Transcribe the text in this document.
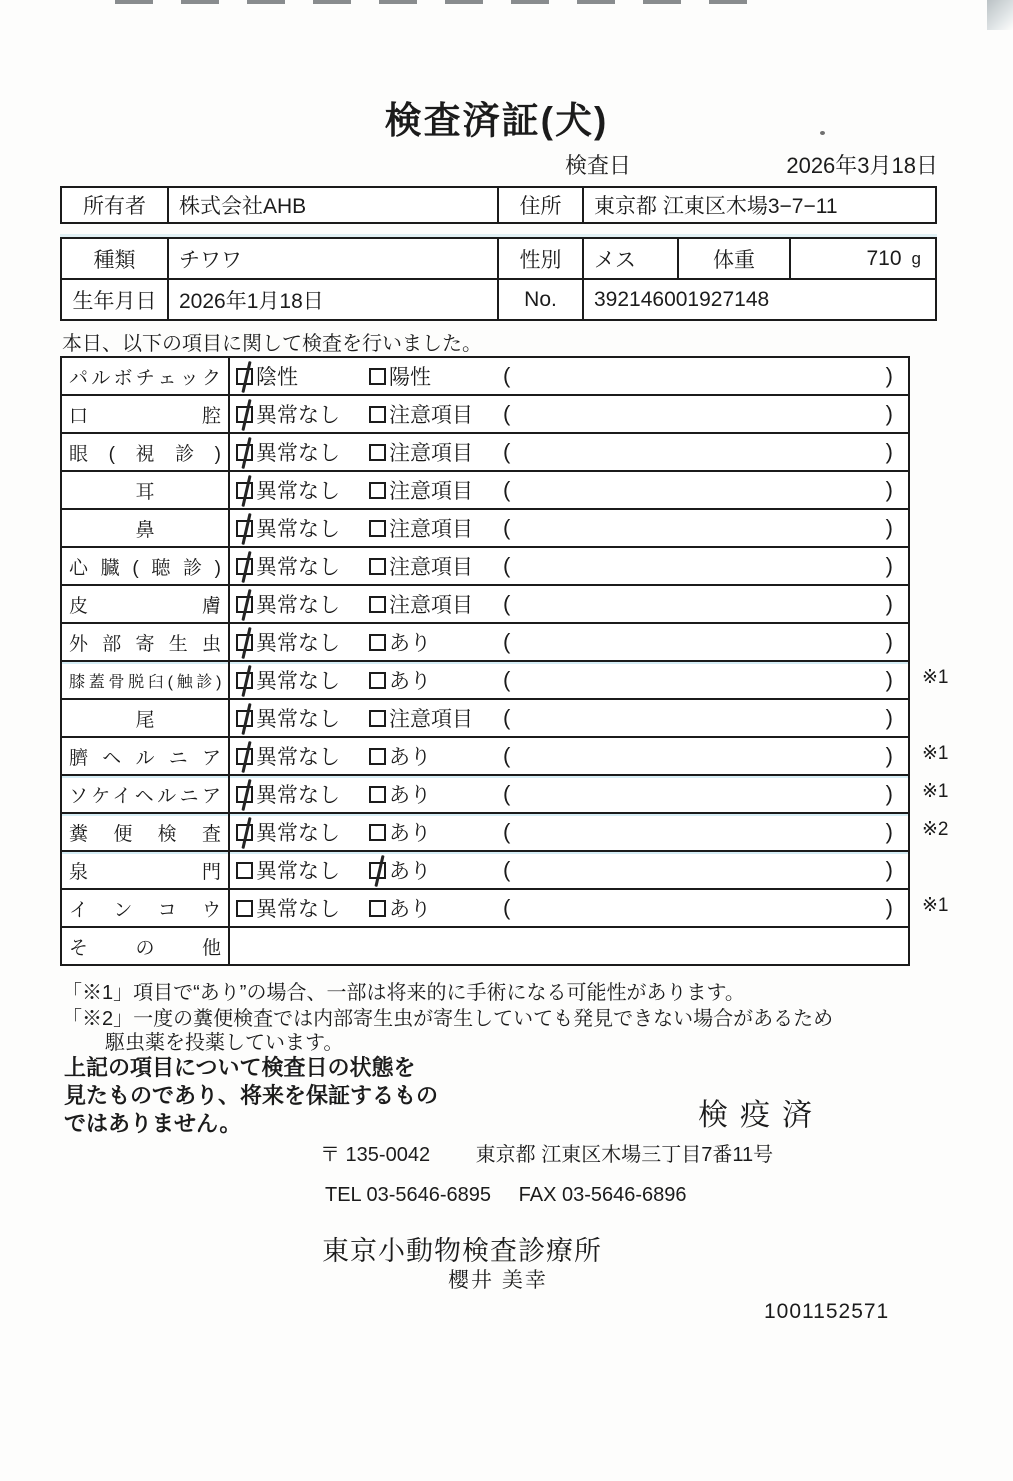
検査済証(犬)
検査日	2026年3月18日
所有者	株式会社AHB	住所	東京都 江東区木場3−7−11
種類	チワワ	性別	メス	体重	710 g
生年月日	2026年1月18日	No.	392146001927148
本日、以下の項目に関して検査を行いました。
パルボチェック 陰性	陽性	(	)
口腔 異常なし 注意項目 (	)
眼(視診) 異常なし 注意項目 (	)
耳	異常なし 注意項目 (	)
鼻	異常なし 注意項目 (	)
心臓(聴診) 異常なし 注意項目 (	)
皮膚 異常なし 注意項目 (	)
外部寄生虫 異常なし あり	(	)
膝蓋骨脱臼(触診) 異常なし あり	(	) ※1
尾	異常なし 注意項目 (	)
臍ヘルニア 異常なし あり	(	) ※1
ソケイヘルニア 異常なし あり	(	) ※1
糞便検査 異常なし あり	(	) ※2
泉門 異常なし あり	(	)
インコウ 異常なし あり	(	) ※1
その他
「※1」項目で“あり”の場合、一部は将来的に手術になる可能性があります。
「※2」一度の糞便検査では内部寄生虫が寄生していても発見できない場合があるため
駆虫薬を投薬しています。
上記の項目について検査日の状態を
見たものであり、将来を保証するもの
ではありません。	検疫済
〒 135-0042 東京都 江東区木場三丁目7番11号
TEL 03-5646-6895 FAX 03-5646-6896
東京小動物検査診療所
櫻井 美幸
1001152571
